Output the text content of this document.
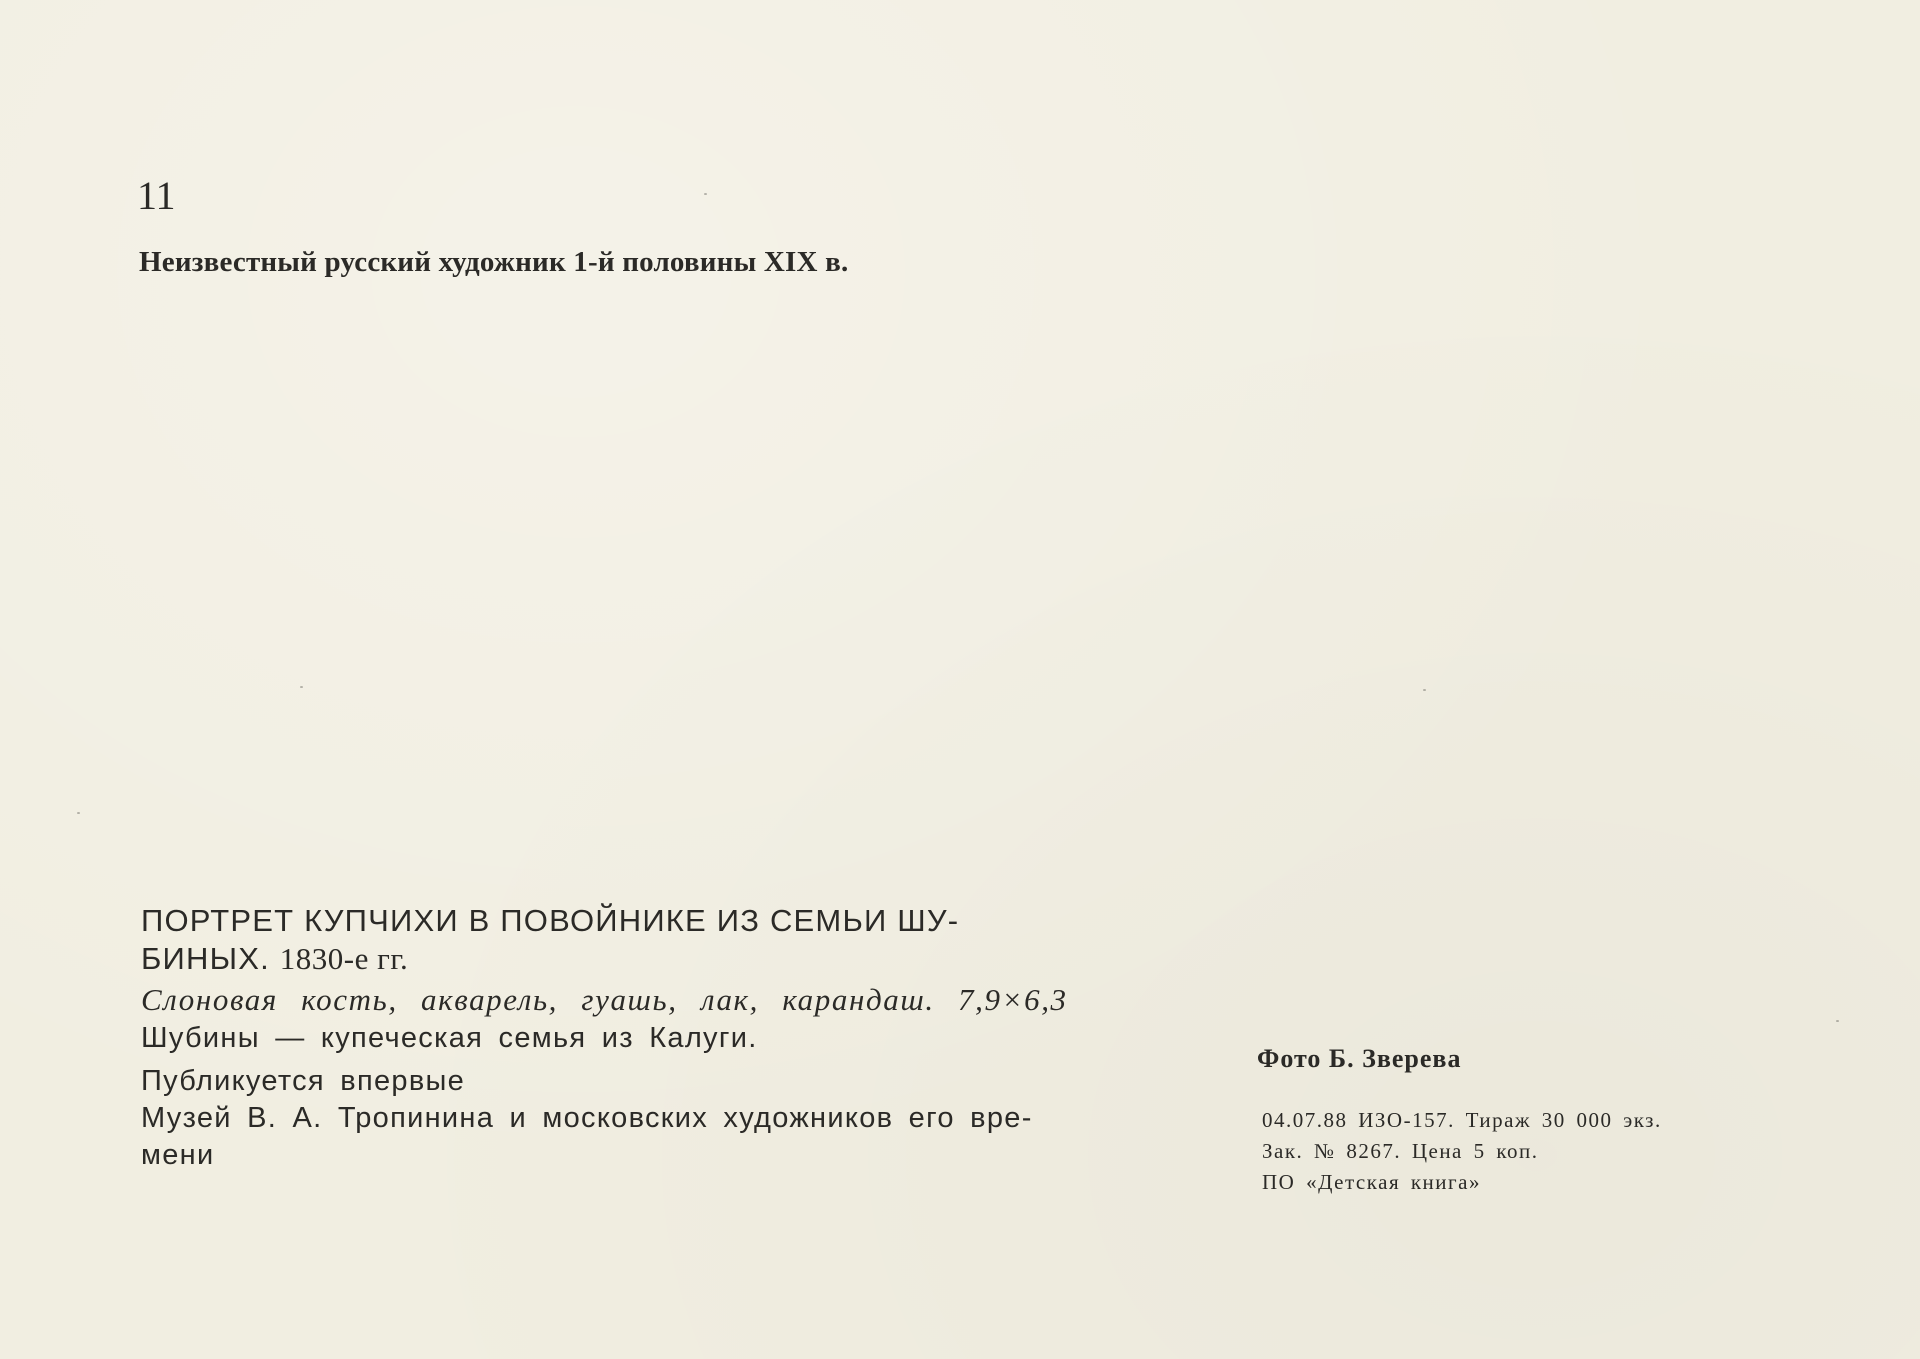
11
Неизвестный русский художник 1-й половины XIX в.
ПОРТРЕТ КУПЧИХИ В ПОВОЙНИКЕ ИЗ СЕМЬИ ШУ-
БИНЫХ. 1830-е гг.
Слоновая кость, акварель, гуашь, лак, карандаш. 7,9×6,3
Шубины — купеческая семья из Калуги.
Публикуется впервые
Музей В. А. Тропинина и московских художников его вре-
мени
Фото Б. Зверева
04.07.88 ИЗО-157. Тираж 30 000 экз.
Зак. № 8267. Цена 5 коп.
ПО «Детская книга»
